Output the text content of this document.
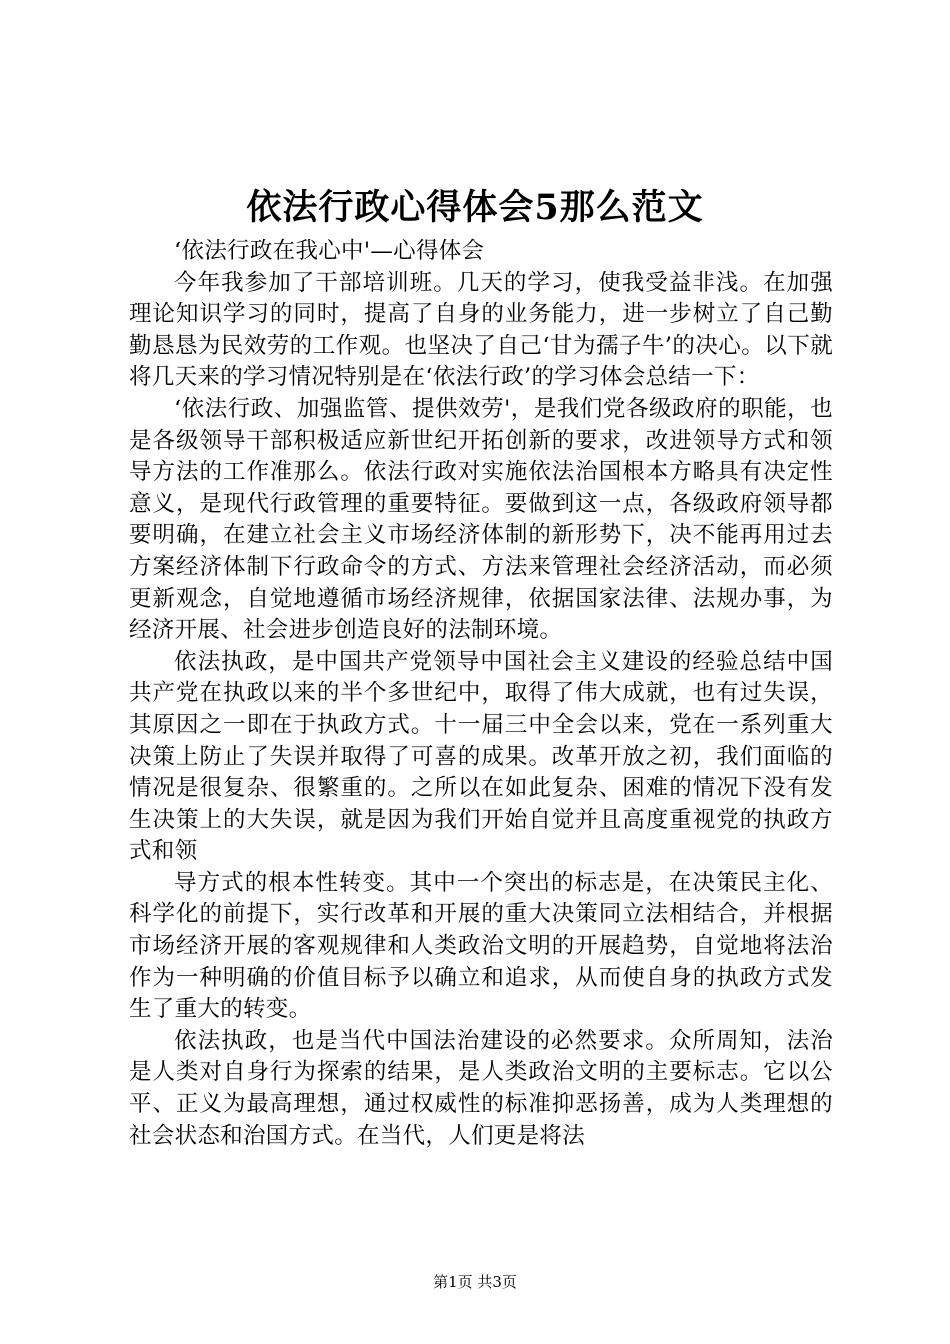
依法行政心得体会5那么范文

‘依法行政在我心中'—心得体会

今年我参加了干部培训班。几天的学习，使我受益非浅。在加强理论知识学习的同时，提高了自身的业务能力，进一步树立了自己勤勤恳恳为民效劳的工作观。也坚决了自己‘甘为孺子牛’的决心。以下就将几天来的学习情况特别是在‘依法行政’的学习体会总结一下：

‘依法行政、加强监管、提供效劳'，是我们党各级政府的职能，也是各级领导干部积极适应新世纪开拓创新的要求，改进领导方式和领导方法的工作准那么。依法行政对实施依法治国根本方略具有决定性意义，是现代行政管理的重要特征。要做到这一点，各级政府领导都要明确，在建立社会主义市场经济体制的新形势下，决不能再用过去方案经济体制下行政命令的方式、方法来管理社会经济活动，而必须更新观念，自觉地遵循市场经济规律，依据国家法律、法规办事，为经济开展、社会进步创造良好的法制环境。

依法执政，是中国共产党领导中国社会主义建设的经验总结中国共产党在执政以来的半个多世纪中，取得了伟大成就，也有过失误，其原因之一即在于执政方式。十一届三中全会以来，党在一系列重大决策上防止了失误并取得了可喜的成果。改革开放之初，我们面临的情况是很复杂、很繁重的。之所以在如此复杂、困难的情况下没有发生决策上的大失误，就是因为我们开始自觉并且高度重视党的执政方式和领

导方式的根本性转变。其中一个突出的标志是，在决策民主化、科学化的前提下，实行改革和开展的重大决策同立法相结合，并根据市场经济开展的客观规律和人类政治文明的开展趋势，自觉地将法治作为一种明确的价值目标予以确立和追求，从而使自身的执政方式发生了重大的转变。

依法执政，也是当代中国法治建设的必然要求。众所周知，法治是人类对自身行为探索的结果，是人类政治文明的主要标志。它以公平、正义为最高理想，通过权威性的标准抑恶扬善，成为人类理想的社会状态和治国方式。在当代，人们更是将法

第1页 共3页
